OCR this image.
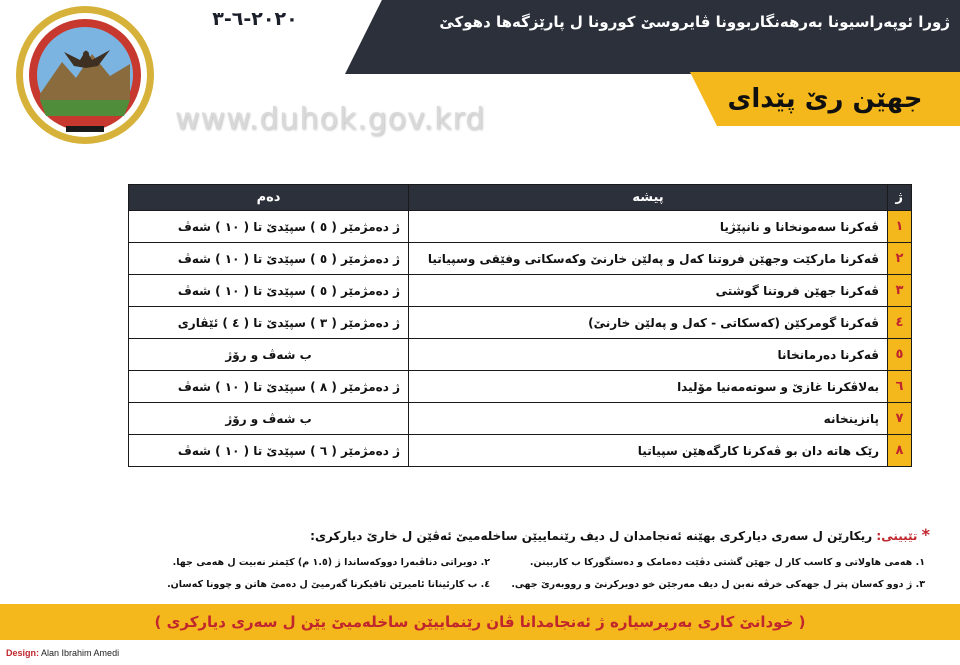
٢٠٢٠-٦-٣	ژورا ئوپەراسیونا بەرهەنگاربوونا ڤایروسێ کورونا ل پارێزگەها دهوکێ
جهێن رێ پێدای
www.duhok.gov.krd
ژ	پیشه	دەم
١	ڤەکرنا سەمونخانا و نانپێژیا	ژ دەمژمێر ( ٥ ) سپێدێ تا ( ١٠ ) شەڤ
٢	ڤەکرنا مارکێت وجهێن فروتنا کەل و پەلێن خارنێ وکەسکاتی وفێقی وسپیاتیا	ژ دەمژمێر ( ٥ ) سپێدێ تا ( ١٠ ) شەڤ
٣	ڤەکرنا جهێن فروتنا گوشتی	ژ دەمژمێر ( ٥ ) سپێدێ تا ( ١٠ ) شەڤ
٤	ڤەکرنا گومرکێن (کەسکاتی - کەل و پەلێن خارنێ)	ژ دەمژمێر ( ٣ ) سپێدێ تا ( ٤ ) ئێڤاری
٥	ڤەکرنا دەرمانخانا	ب شەڤ و رۆژ
٦	بەلاڤکرنا غازێ و سوتەمەنیا مۆلیدا	ژ دەمژمێر ( ٨ ) سپێدێ تا ( ١٠ ) شەڤ
٧	پانزینخانە	ب شەڤ و رۆژ
٨	رێک هاتە دان بو ڤەکرنا کارگەهێن سپیاتیا	ژ دەمژمێر ( ٦ ) سپێدێ تا ( ١٠ ) شەڤ
* تێبینی: ریکارێن ل سەری دیارکری بهێنە ئەنجامدان ل دیف رێنماییێن ساخلەمیێ ئەڤێن ل خارێ دیارکری:
١. هەمی هاولاتی و کاسب کار ل جهێن گشتی دڤێت دەمامک و دەستگورکا ب کاربینن.
٢. دویراتی دناڤبەرا دووکەساندا ژ (١.٥ م) کێمتر نەبیت ل هەمی جها.
٣. ژ دوو کەسان پتر ل جهەکی خرڤە نەبن ل دیف مەرجێن خو دویرکرنێ و رووبەرێ جهی.
٤. ب کارئینانا ئامیرێن تاقیکرنا گەرمیێ ل دەمێ هاتن و چوونا کەسان.
( خودانێ کاری بەرپرسیارە ژ ئەنجامدانا ڤان رێنماییێن ساخلەمیێ یێن ل سەری دیارکری )
Design: Alan Ibrahim Amedi
